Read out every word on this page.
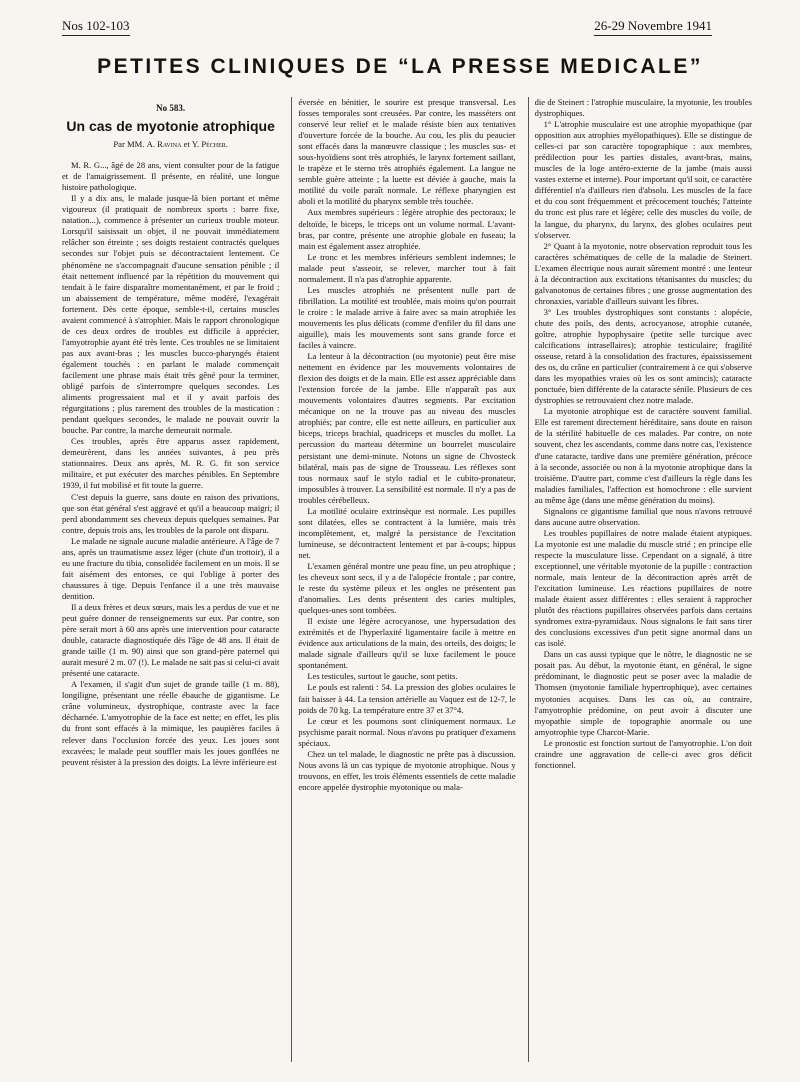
Nos 102-103	26-29 Novembre 1941
PETITES CLINIQUES DE “LA PRESSE MEDICALE”
No 583.
Un cas de myotonie atrophique
Par MM. A. Ravina et Y. Pécher.

M. R. G..., âgé de 28 ans, vient consulter pour de la fatigue et de l'amaigrissement. Il présente, en réalité, une longue histoire pathologique.

Il y a dix ans, le malade jusque-là bien portant et même vigoureux (il pratiquait de nombreux sports : barre fixe, natation...), commence à présenter un curieux trouble moteur. Lorsqu'il saisissait un objet, il ne pouvait immédiatement relâcher son étreinte ; ses doigts restaient contractés quelques secondes sur l'objet puis se décontractaient lentement. Ce phénomène ne s'accompagnait d'aucune sensation pénible ; il était nettement influencé par la répétition du mouvement qui tendait à le faire disparaître momentanément, et par le froid ; un abaissement de température, même modéré, l'exagérait fortement. Dès cette époque, semble-t-il, certains muscles avaient commencé à s'atrophier. Mais le rapport chronologique de ces deux ordres de troubles est difficile à apprécier, l'amyotrophie ayant été très lente. Ces troubles ne se limitaient pas aux avant-bras ; les muscles bucco-pharyngés étaient également touchés : en parlant le malade commençait facilement une phrase mais était très gêné pour la terminer, obligé parfois de s'interrompre quelques secondes. Les aliments progressaient mal et il y avait parfois des régurgitations ; plus rarement des troubles de la mastication : pendant quelques secondes, le malade ne pouvait ouvrir la bouche. Par contre, la marche demeurait normale.

Ces troubles, après être apparus assez rapidement, demeurèrent, dans les années suivantes, à peu près stationnaires. Deux ans après, M. R. G. fit son service militaire, et put exécuter des marches pénibles. En Septembre 1939, il fut mobilisé et fit toute la guerre.

C'est depuis la guerre, sans doute en raison des privations, que son état général s'est aggravé et qu'il a beaucoup maigri; il perd abondamment ses cheveux depuis quelques semaines. Par contre, depuis trois ans, les troubles de la parole ont disparu.

Le malade ne signale aucune maladie antérieure. A l'âge de 7 ans, après un traumatisme assez léger (chute d'un trottoir), il a eu une fracture du tibia, consolidée facilement en un mois. Il se fait aisément des entorses, ce qui l'oblige à porter des chaussures à tige. Depuis l'enfance il a une très mauvaise dentition.

Il a deux frères et deux sœurs, mais les a perdus de vue et ne peut guère donner de renseignements sur eux. Par contre, son père serait mort à 60 ans après une intervention pour cataracte double, cataracte diagnostiquée dès l'âge de 48 ans. Il était de grande taille (1 m. 90) ainsi que son grand-père paternel qui aurait mesuré 2 m. 07 (!). Le malade ne sait pas si celui-ci avait présenté une cataracte.

A l'examen, il s'agit d'un sujet de grande taille (1 m. 88), longiligne, présentant une réelle ébauche de gigantisme. Le crâne volumineux, dystrophique, contraste avec la face décharnée. L'amyotrophie de la face est nette; en effet, les plis du front sont effacés à la mimique, les paupières faciles à relever dans l'occlusion forcée des yeux. Les joues sont excavées; le malade peut souffler mais les joues gonflées ne peuvent résister à la pression des doigts. La lèvre inférieure est

éversée en bénitier, le sourire est presque transversal. Les fosses temporales sont creusées. Par contre, les masséters ont conservé leur relief et le malade résiste bien aux tentatives d'ouverture forcée de la bouche. Au cou, les plis du peaucier sont effacés dans la manœuvre classique ; les muscles sus- et sous-hyoïdiens sont très atrophiés, le larynx fortement saillant, le trapèze et le sterno très atrophiés également. La langue ne semble guère atteinte ; la luette est déviée à gauche, mais la motilité du voile paraît normale. Le réflexe pharyngien est aboli et la motilité du pharynx semble très touchée.

Aux membres supérieurs : légère atrophie des pectoraux; le deltoïde, le biceps, le triceps ont un volume normal. L'avant-bras, par contre, présente une atrophie globale en fuseau; la main est également assez atrophiée.

Le tronc et les membres inférieurs semblent indemnes; le malade peut s'asseoir, se relever, marcher tout à fait normalement. Il n'a pas d'atrophie apparente.

Les muscles atrophiés ne présentent nulle part de fibrillation. La motilité est troublée, mais moins qu'on pourrait le croire : le malade arrive à faire avec sa main atrophiée les mouvements les plus délicats (comme d'enfiler du fil dans une aiguille), mais les mouvements sont sans grande force et faciles à vaincre.

La lenteur à la décontraction (ou myotonie) peut être mise nettement en évidence par les mouvements volontaires de flexion des doigts et de la main. Elle est assez appréciable dans l'extension forcée de la jambe. Elle n'apparaît pas aux mouvements volontaires d'autres segments. Par excitation mécanique on ne la trouve pas au niveau des muscles atrophiés; par contre, elle est nette ailleurs, en particulier aux biceps, triceps brachial, quadriceps et muscles du mollet. La percussion du marteau détermine un bourrelet musculaire persistant une demi-minute. Notons un signe de Chvosteck bilatéral, mais pas de signe de Trousseau. Les réflexes sont tous normaux sauf le stylo radial et le cubito-pronateur, impossibles à trouver. La sensibilité est normale. Il n'y a pas de troubles cérébelleux.

La motilité oculaire extrinsèque est normale. Les pupilles sont dilatées, elles se contractent à la lumière, mais très incomplètement, et, malgré la persistance de l'excitation lumineuse, se décontractent lentement et par à-coups; hippus net.

L'examen général montre une peau fine, un peu atrophique ; les cheveux sont secs, il y a de l'alopécie frontale ; par contre, le reste du système pileux et les ongles ne présentent pas d'anomalies. Les dents présentent des caries multiples, quelques-unes sont tombées.

Il existe une légère acrocyanose, une hypersudation des extrémités et de l'hyperlaxité ligamentaire facile à mettre en évidence aux articulations de la main, des orteils, des doigts; le malade signale d'ailleurs qu'il se luxe facilement le pouce spontanément.

Les testicules, surtout le gauche, sont petits.

Le pouls est ralenti : 54. La pression des globes oculaires le fait baisser à 44. La tension artérielle au Vaquez est de 12-7, le poids de 70 kg. La température entre 37 et 37°4.

Le cœur et les poumons sont cliniquement normaux. Le psychisme parait normal. Nous n'avons pu pratiquer d'examens spéciaux.

Chez un tel malade, le diagnostic ne prête pas à discussion. Nous avons là un cas typique de myotonie atrophique. Nous y trouvons, en effet, les trois éléments essentiels de cette maladie encore appelée dystrophie myotonique ou mala-

die de Steinert : l'atrophie musculaire, la myotonie, les troubles dystrophiques.

1° L'atrophie musculaire est une atrophie myopathique (par opposition aux atrophies myélopathiques). Elle se distingue de celles-ci par son caractère topographique : aux membres, prédilection pour les parties distales, avant-bras, mains, muscles de la loge antéro-externe de la jambe (mais aussi vastes externe et interne). Pour important qu'il soit, ce caractère différentiel n'a d'ailleurs rien d'absolu. Les muscles de la face et du cou sont fréquemment et précocement touchés; l'atteinte du tronc est plus rare et légère; celle des muscles du voile, de la langue, du pharynx, du larynx, des globes oculaires peut s'observer.

2° Quant à la myotonie, notre observation reproduit tous les caractères schématiques de celle de la maladie de Steinert. L'examen électrique nous aurait sûrement montré : une lenteur à la décontraction aux excitations tétanisantes du muscles; du galvanotonus de certaines fibres ; une grosse augmentation des chronaxies, variable d'ailleurs suivant les fibres.

3° Les troubles dystrophiques sont constants : alopécie, chute des poils, des dents, acrocyanose, atrophie cutanée, goître, atrophie hypophysaire (petite selle turcique avec calcifications intrasellaires); atrophie testiculaire; fragilité osseuse, retard à la consolidation des fractures, épaississement des os, du crâne en particulier (contrairement à ce qui s'observe dans les myopathies vraies où les os sont amincis); cataracte ponctuée, bien différente de la cataracte sénile. Plusieurs de ces dystrophies se retrouvaient chez notre malade.

La myotonie atrophique est de caractère souvent familial. Elle est rarement directement héréditaire, sans doute en raison de la stérilité habituelle de ces malades. Par contre, on note souvent, chez les ascendants, comme dans notre cas, l'existence d'une cataracte, tardive dans une première génération, précoce à la seconde, associée ou non à la myotonie atrophique dans la troisième. D'autre part, comme c'est d'ailleurs la règle dans les maladies familiales, l'affection est homochrone : elle survient au même âge (dans une même génération du moins).

Signalons ce gigantisme familial que nous n'avons retrouvé dans aucune autre observation.

Les troubles pupillaires de notre malade étaient atypiques. La myotonie est une maladie du muscle strié ; en principe elle respecte la musculature lisse. Cependant on a signalé, à titre exceptionnel, une véritable myotonie de la pupille : contraction normale, mais lenteur de la décontraction après arrêt de l'excitation lumineuse. Les réactions pupillaires de notre malade étaient assez différentes : elles seraient à rapprocher plutôt des réactions pupillaires observées parfois dans certains syndromes extra-pyramidaux. Nous signalons le fait sans tirer des conclusions excessives d'un petit signe anormal dans un cas isolé.

Dans un cas aussi typique que le nôtre, le diagnostic ne se posait pas. Au début, la myotonie étant, en général, le signe prédominant, le diagnostic peut se poser avec la maladie de Thomsen (myotonie familiale hypertrophique), avec certaines myotonies acquises. Dans les cas où, au contraire, l'amyotrophie prédomine, on peut avoir à discuter une myopathie simple de topographie anormale ou une amyotrophie type Charcot-Marie.

Le pronostic est fonction surtout de l'amyotrophie. L'on doit craindre une aggravation de celle-ci avec gros déficit fonctionnel.
